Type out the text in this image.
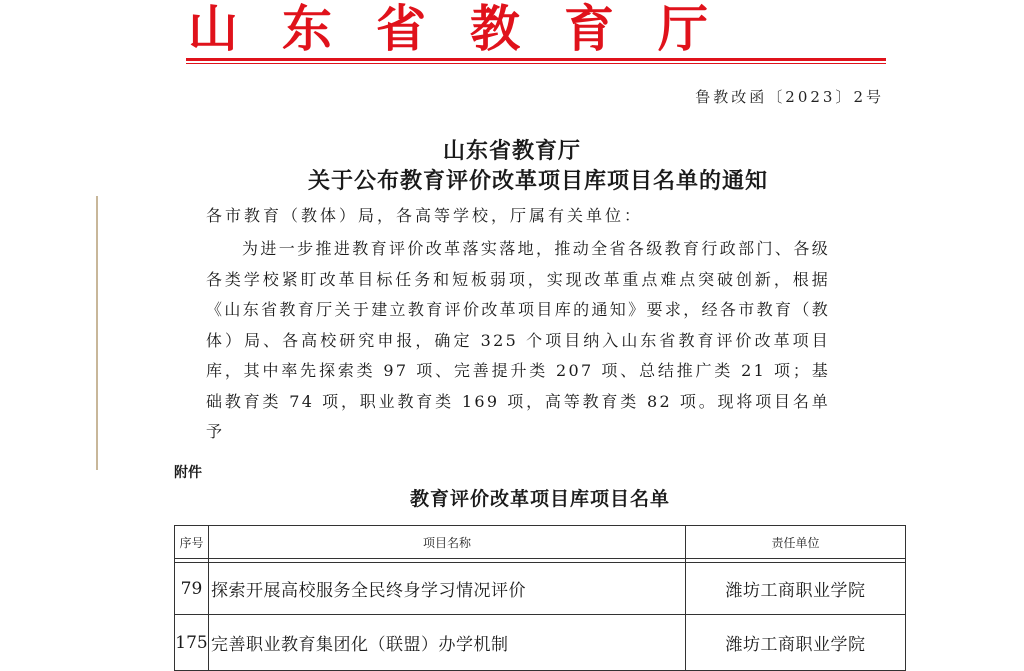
山东省教育厅
鲁教改函〔2023〕2号
山东省教育厅
关于公布教育评价改革项目库项目名单的通知
各市教育（教体）局，各高等学校，厅属有关单位：
为进一步推进教育评价改革落实落地，推动全省各级教育行政部门、各级各类学校紧盯改革目标任务和短板弱项，实现改革重点难点突破创新，根据《山东省教育厅关于建立教育评价改革项目库的通知》要求，经各市教育（教体）局、各高校研究申报，确定 325 个项目纳入山东省教育评价改革项目库，其中率先探索类 97 项、完善提升类 207 项、总结推广类 21 项；基础教育类 74 项，职业教育类 169 项，高等教育类 82 项。现将项目名单予
附件
教育评价改革项目库项目名单
序号	项目名称	责任单位

79	探索开展高校服务全民终身学习情况评价	潍坊工商职业学院
175	完善职业教育集团化（联盟）办学机制	潍坊工商职业学院
